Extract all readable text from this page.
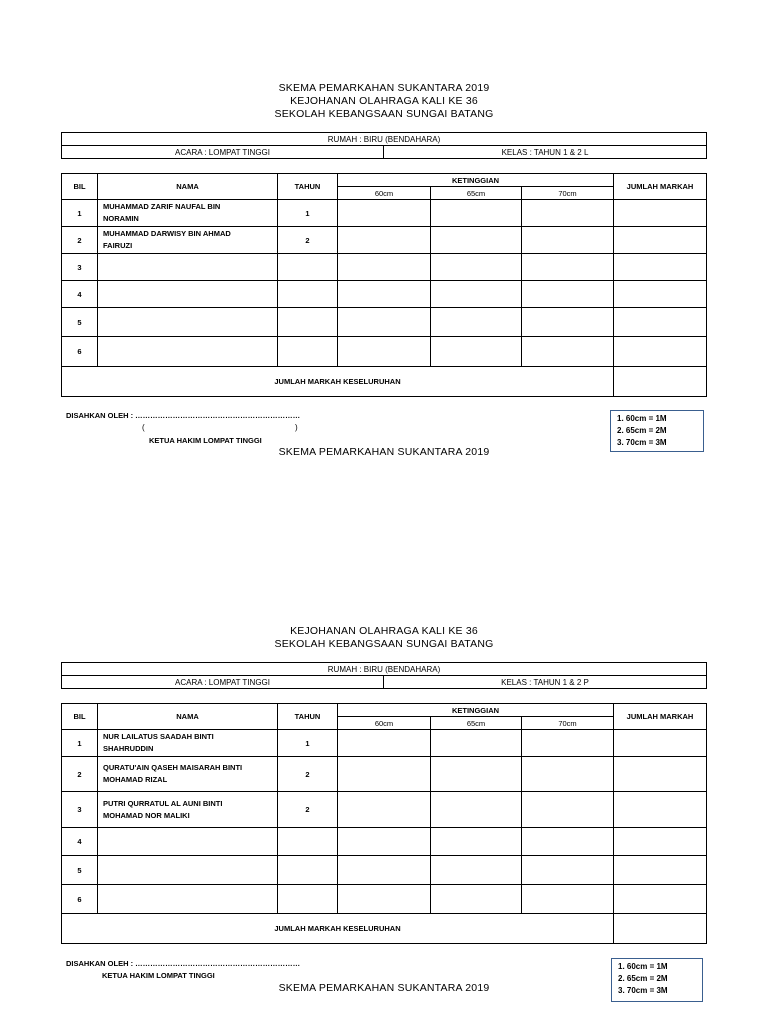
SKEMA PEMARKAHAN SUKANTARA 2019
KEJOHANAN OLAHRAGA KALI KE 36
SEKOLAH KEBANGSAAN SUNGAI BATANG
RUMAH : BIRU (BENDAHARA)
ACARA : LOMPAT TINGGI	KELAS : TAHUN 1 & 2 L
BIL	NAMA	TAHUN	KETINGGIAN			JUMLAH MARKAH
			60cm	65cm	70cm	
1	MUHAMMAD ZARIF NAUFAL BIN
NORAMIN	1				
2	MUHAMMAD DARWISY BIN AHMAD
FAIRUZI	2				
3						
4						
5						
6						
JUMLAH MARKAH KESELURUHAN						
DISAHKAN OLEH : …………………………………………………………
(	)
KETUA HAKIM LOMPAT TINGGI
SKEMA PEMARKAHAN SUKANTARA 2019
1. 60cm = 1M
2. 65cm = 2M
3. 70cm = 3M
KEJOHANAN OLAHRAGA KALI KE 36
SEKOLAH KEBANGSAAN SUNGAI BATANG
RUMAH : BIRU (BENDAHARA)
ACARA : LOMPAT TINGGI	KELAS : TAHUN 1 & 2 P
BIL	NAMA	TAHUN	KETINGGIAN			JUMLAH MARKAH
			60cm	65cm	70cm	
1	NUR LAILATUS SAADAH BINTI
SHAHRUDDIN	1				
2	QURATU'AIN QASEH MAISARAH BINTI
MOHAMAD RIZAL	2				
3	PUTRI QURRATUL AL AUNI BINTI
MOHAMAD NOR MALIKI	2				
4						
5						
6						
JUMLAH MARKAH KESELURUHAN						
DISAHKAN OLEH : …………………………………………………………
KETUA HAKIM LOMPAT TINGGI
SKEMA PEMARKAHAN SUKANTARA 2019
1. 60cm = 1M
2. 65cm = 2M
3. 70cm = 3M
